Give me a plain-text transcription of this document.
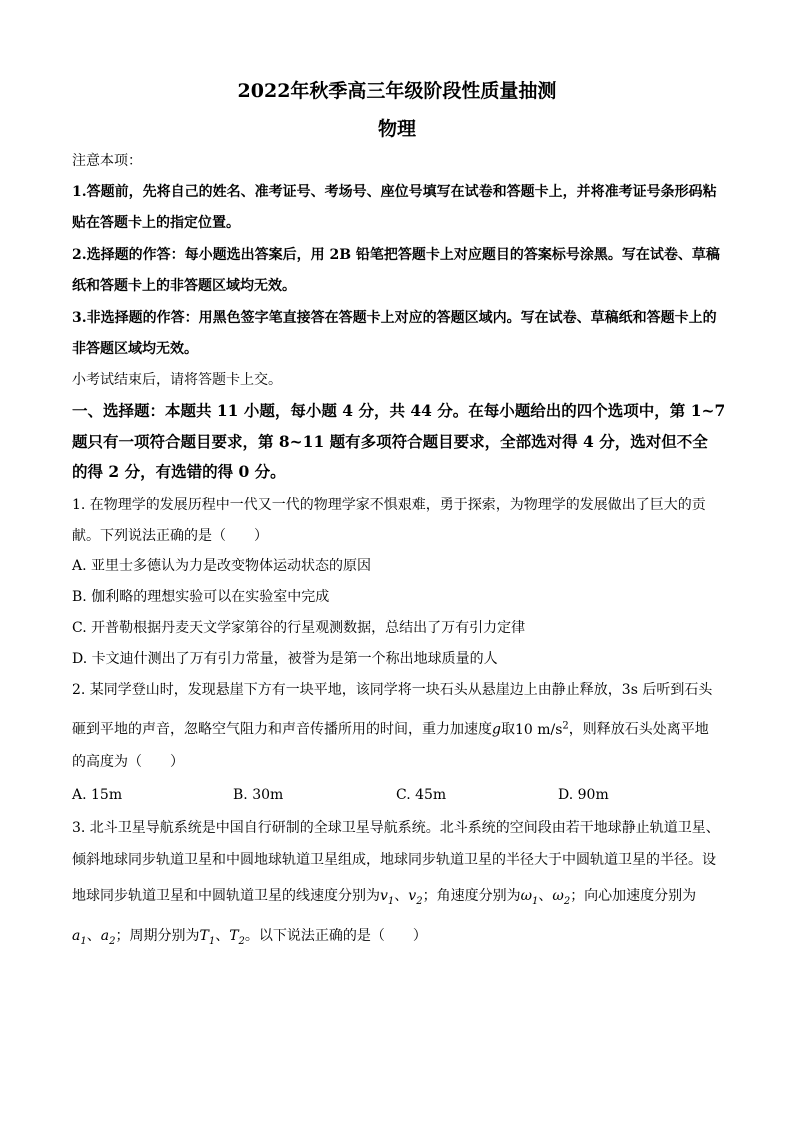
2022年秋季高三年级阶段性质量抽测
物理
注意本项：
1.答题前，先将自己的姓名、准考证号、考场号、座位号填写在试卷和答题卡上，并将准考证号条形码粘
贴在答题卡上的指定位置。
2.选择题的作答：每小题选出答案后，用 2B 铅笔把答题卡上对应题目的答案标号涂黑。写在试卷、草稿
纸和答题卡上的非答题区域均无效。
3.非选择题的作答：用黑色签字笔直接答在答题卡上对应的答题区域内。写在试卷、草稿纸和答题卡上的
非答题区域均无效。
小考试结束后，请将答题卡上交。
一、选择题：本题共 11 小题，每小题 4 分，共 44 分。在每小题给出的四个选项中，第 1~7
题只有一项符合题目要求，第 8~11 题有多项符合题目要求，全部选对得 4 分，选对但不全
的得 2 分，有选错的得 0 分。
1. 在物理学的发展历程中一代又一代的物理学家不惧艰难，勇于探索，为物理学的发展做出了巨大的贡
献。下列说法正确的是（　　）
A. 亚里士多德认为力是改变物体运动状态的原因
B. 伽利略的理想实验可以在实验室中完成
C. 开普勒根据丹麦天文学家第谷的行星观测数据，总结出了万有引力定律
D. 卡文迪什测出了万有引力常量，被誉为是第一个称出地球质量的人
2. 某同学登山时，发现悬崖下方有一块平地，该同学将一块石头从悬崖边上由静止释放，3s 后听到石头
砸到平地的声音，忽略空气阻力和声音传播所用的时间，重力加速度g取10 $m/s^2$，则释放石头处离平地
的高度为（　　）
A. 15m	B. 30m	C. 45m	D. 90m
3. 北斗卫星导航系统是中国自行研制的全球卫星导航系统。北斗系统的空间段由若干地球静止轨道卫星、
倾斜地球同步轨道卫星和中圆地球轨道卫星组成，地球同步轨道卫星的半径大于中圆轨道卫星的半径。设
地球同步轨道卫星和中圆轨道卫星的线速度分别为$v_1$、$v_2$；角速度分别为$\omega_1$、$\omega_2$；向心加速度分别为
$a_1$、$a_2$；周期分别为$T_1$、$T_2$。以下说法正确的是（　　）
